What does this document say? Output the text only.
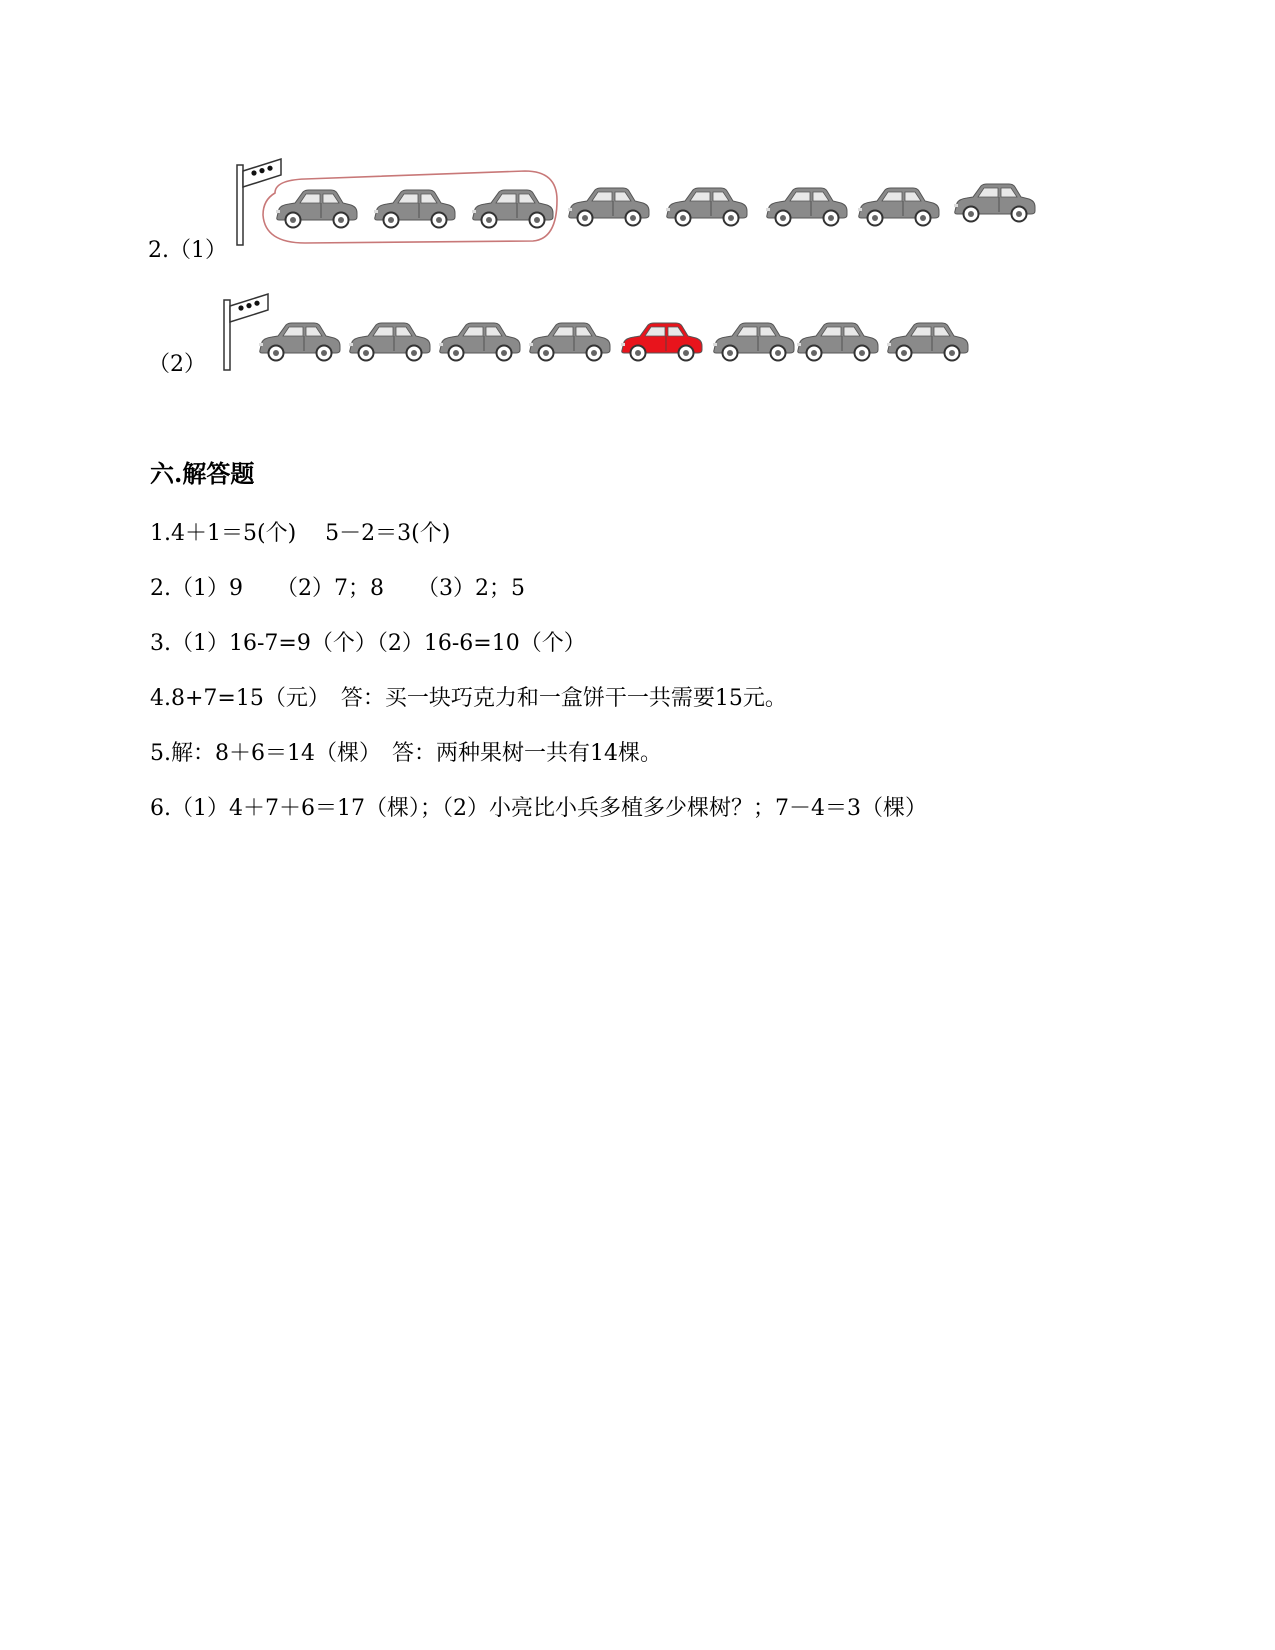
2.（1）
（2）
六.解答题
1.4＋1＝5(个)　 5－2＝3(个)
2.（1）9　　（2）7；8　　（3）2；5
3.（1）16-7=9（个）（2）16-6=10（个）
4.8+7=15（元）　答：买一块巧克力和一盒饼干一共需要15元。
5.解：8＋6＝14（棵）　答：两种果树一共有14棵。
6.（1）4＋7＋6＝17（棵）；（2）小亮比小兵多植多少棵树？；7－4＝3（棵）
